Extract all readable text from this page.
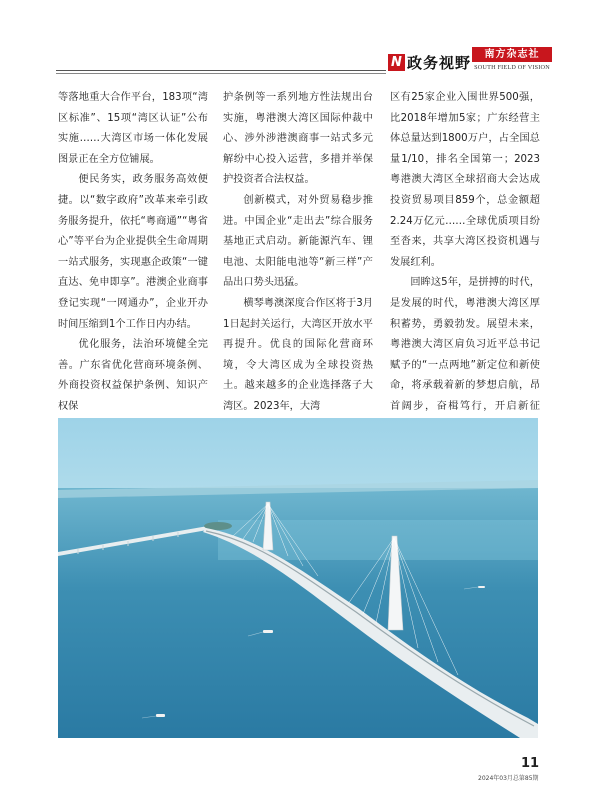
N 政务视野	南方杂志社
SOUTH FIELD OF VISION

等落地重大合作平台，183项“湾区标准”、15项“湾区认证”公布实施……大湾区市场一体化发展图景正在全方位铺展。

便民务实，政务服务高效便捷。以“数字政府”改革来牵引政务服务提升，依托“粤商通”“粤省心”等平台为企业提供全生命周期一站式服务，实现惠企政策“一键直达、免申即享”。港澳企业商事登记实现“一网通办”，企业开办时间压缩到1个工作日内办结。

优化服务，法治环境健全完善。广东省优化营商环境条例、外商投资权益保护条例、知识产权保

护条例等一系列地方性法规出台实施，粤港澳大湾区国际仲裁中心、涉外涉港澳商事一站式多元解纷中心投入运营，多措并举保护投资者合法权益。

创新模式，对外贸易稳步推进。中国企业“走出去”综合服务基地正式启动。新能源汽车、锂电池、太阳能电池等“新三样”产品出口势头迅猛。

横琴粤澳深度合作区将于3月1日起封关运行，大湾区开放水平再提升。优良的国际化营商环境，令大湾区成为全球投资热土。越来越多的企业选择落子大湾区。2023年，大湾

区有25家企业入围世界500强，比2018年增加5家；广东经营主体总量达到1800万户，占全国总量1/10，排名全国第一；2023粤港澳大湾区全球招商大会达成投资贸易项目859个，总金额超2.24万亿元……全球优质项目纷至沓来，共享大湾区投资机遇与发展红利。

回眸这5年，是拼搏的时代，是发展的时代，粤港澳大湾区厚积蓄势，勇毅勃发。展望未来，粤港澳大湾区肩负习近平总书记赋予的“一点两地”新定位和新使命，将承载着新的梦想启航，昂首阔步，奋楫笃行，开启新征

11
2024年03月总第85期
